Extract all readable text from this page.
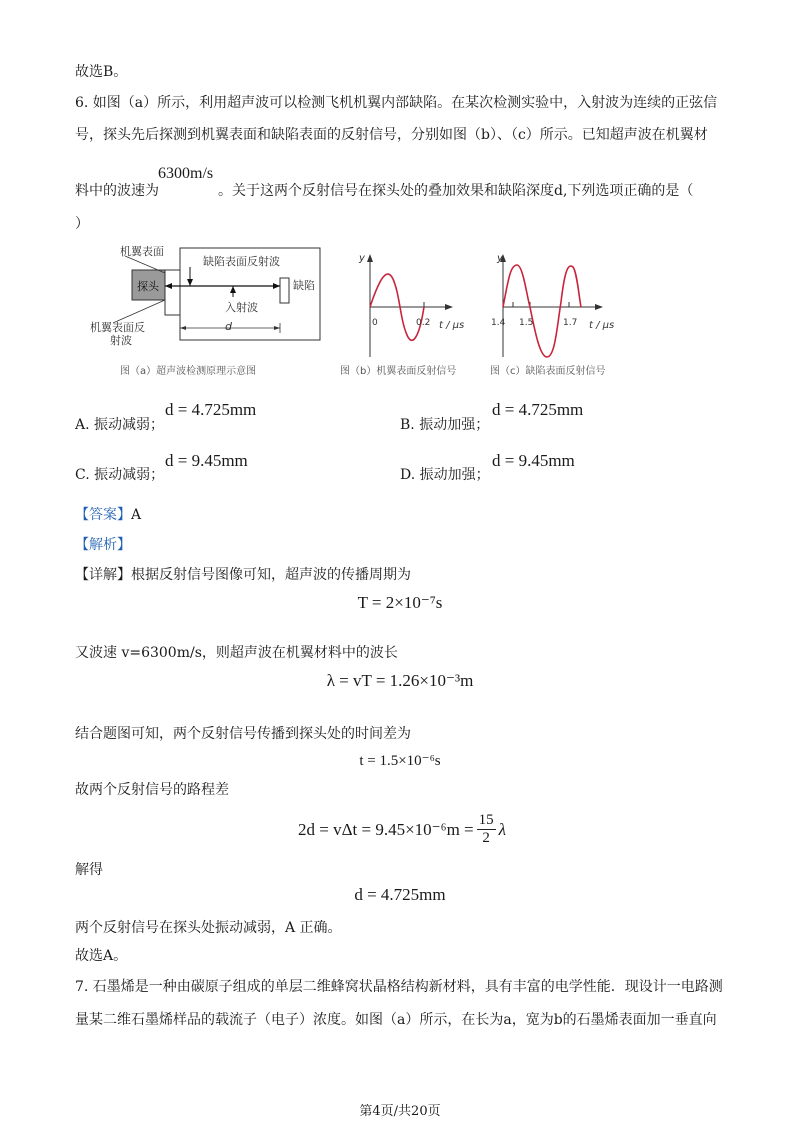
故选B。
6. 如图（a）所示，利用超声波可以检测飞机机翼内部缺陷。在某次检测实验中，入射波为连续的正弦信
号，探头先后探测到机翼表面和缺陷表面的反射信号，分别如图（b）、（c）所示。已知超声波在机翼材
6300m/s
料中的波速为	。关于这两个反射信号在探头处的叠加效果和缺陷深度d,下列选项正确的是（
）
探头
机翼表面
缺陷表面反射波
缺陷
入射波
d
机翼表面反
射波
图（a）超声波检测原理示意图
y
t / μs
0	0.2
图（b）机翼表面反射信号
y
t / μs
1.4 1.5	1.7
图（c）缺陷表面反射信号
A. 振动减弱；
d = 4.725mm
B. 振动加强；
d = 4.725mm
C. 振动减弱；
d = 9.45mm
D. 振动加强；
d = 9.45mm
【答案】A
【解析】
【详解】根据反射信号图像可知，超声波的传播周期为
T = 2×10⁻⁷s
又波速 v=6300m/s，则超声波在机翼材料中的波长
λ = vT = 1.26×10⁻³m
结合题图可知，两个反射信号传播到探头处的时间差为
t = 1.5×10⁻⁶s
故两个反射信号的路程差
$2d = v\Delta t = 9.45\times 10^{-6}m = \frac{15}{2}$ λ
解得
d = 4.725mm
两个反射信号在探头处振动减弱，A 正确。
故选A。
7. 石墨烯是一种由碳原子组成的单层二维蜂窝状晶格结构新材料，具有丰富的电学性能．现设计一电路测
量某二维石墨烯样品的载流子（电子）浓度。如图（a）所示，在长为a，宽为b的石墨烯表面加一垂直向
第4页/共20页
